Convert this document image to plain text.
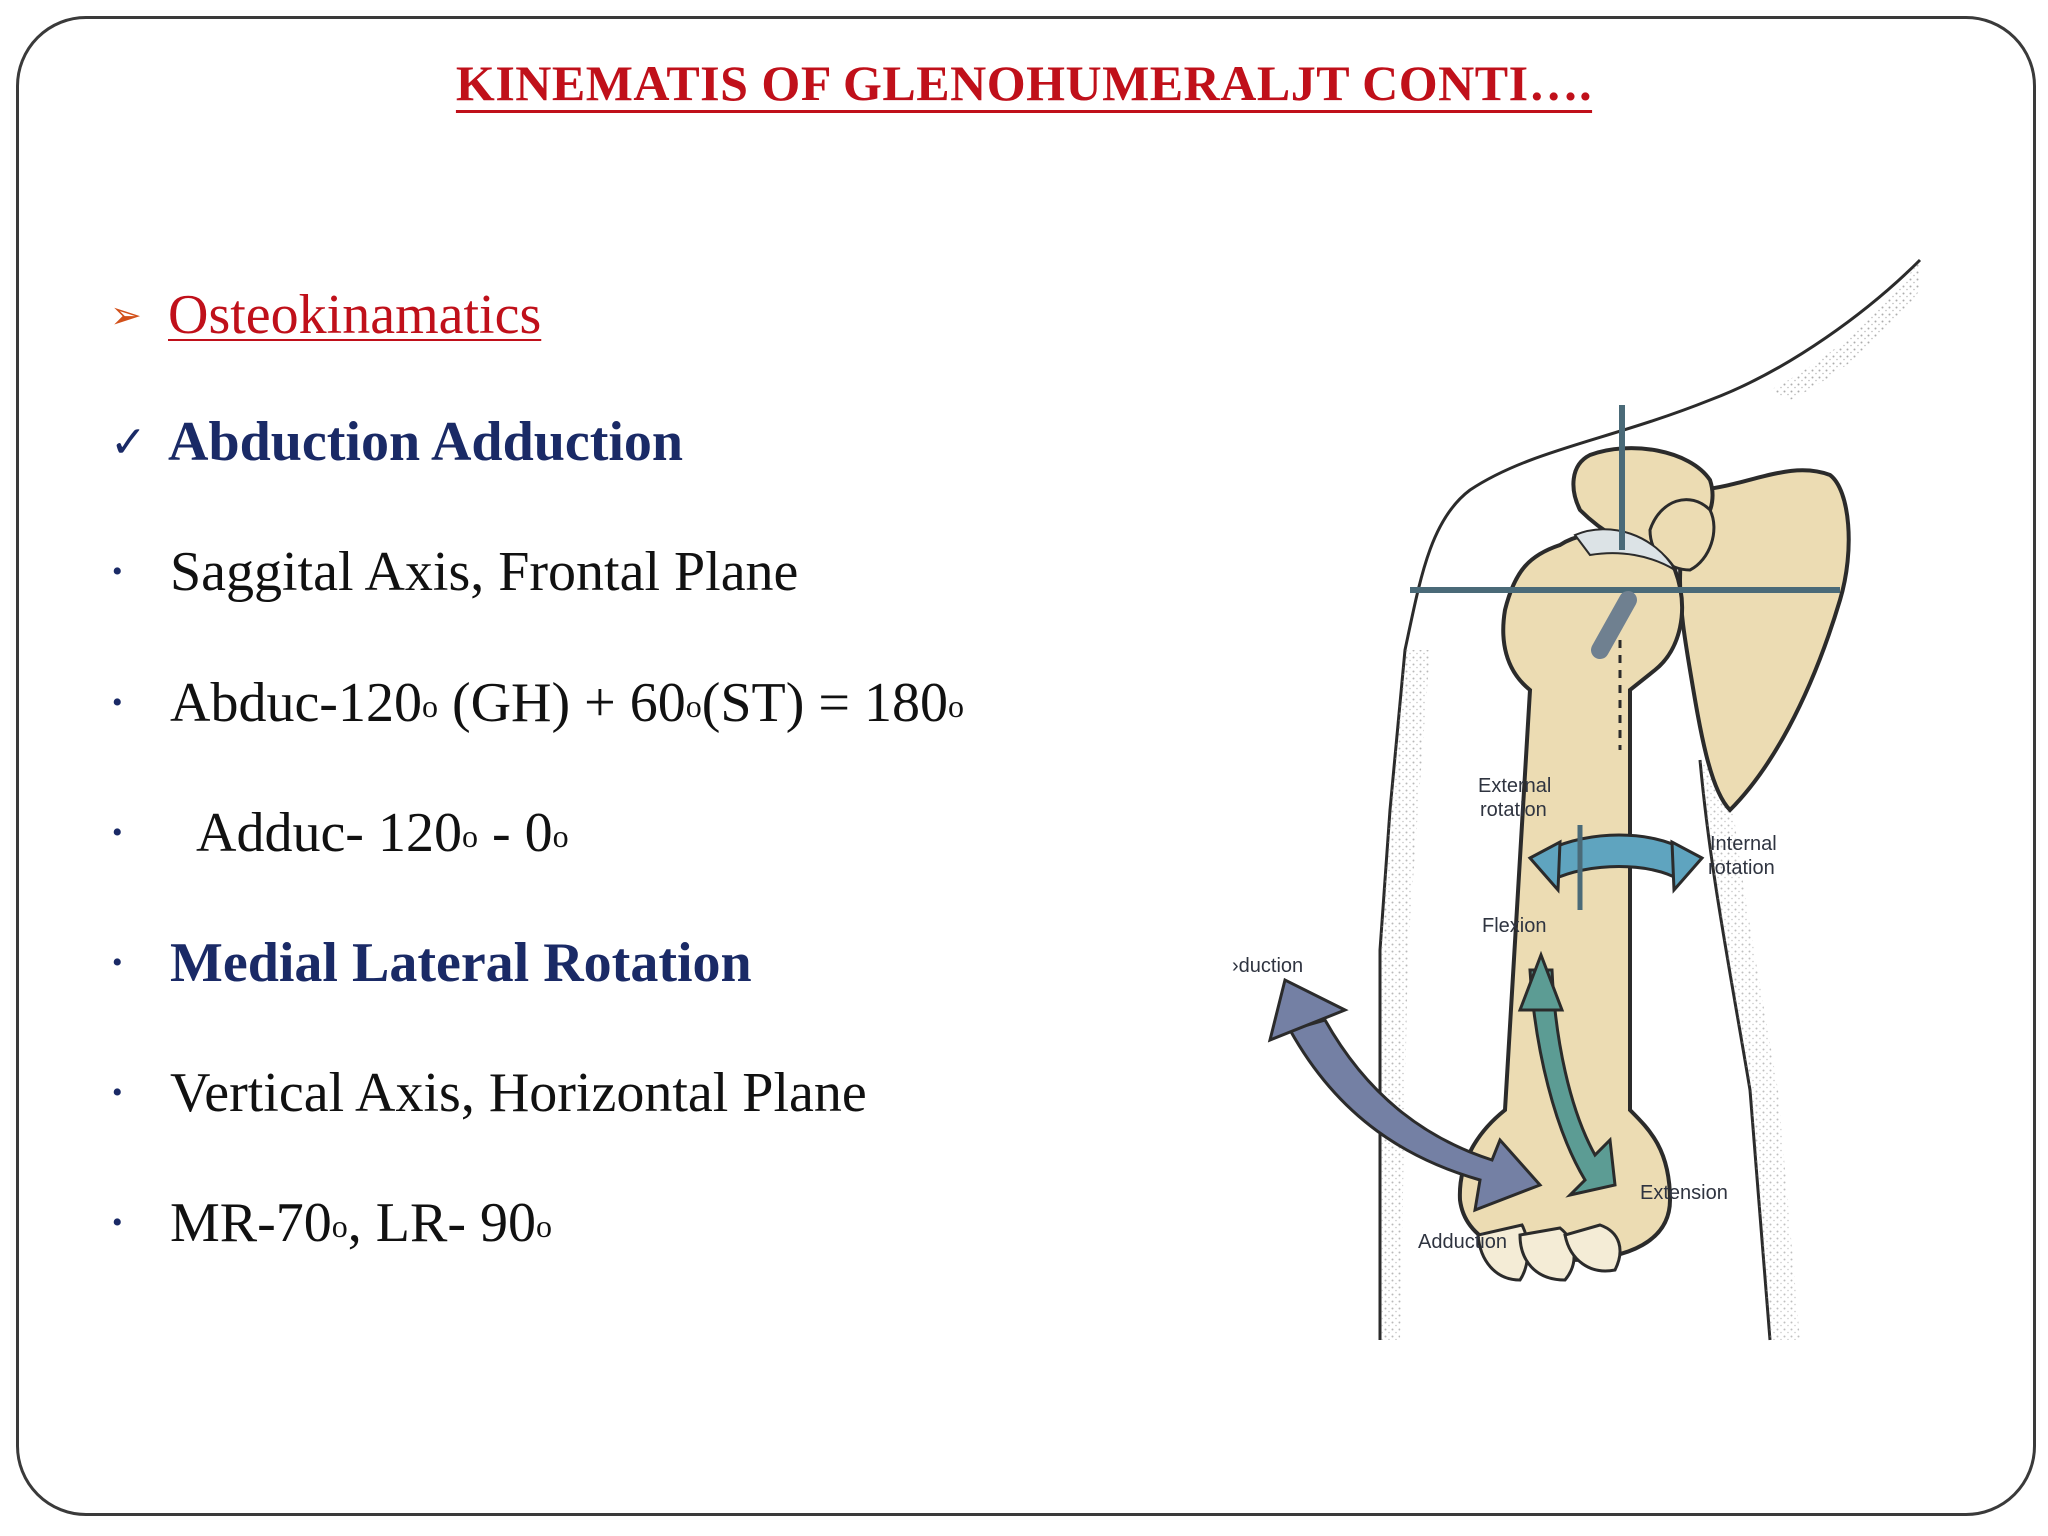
KINEMATIS OF GLENOHUMERALJT CONTI….
➢ Osteokinamatics
✓ Abduction Adduction
• Saggital Axis, Frontal Plane
• Abduc-120$^o$ $(GH) + 60^o(ST) = 180^o$
•	Adduc- 120$^o$ - 0$^o$
• Medial Lateral Rotation
• Vertical Axis, Horizontal Plane
• MR-70$^o$, LR- 90$^o$
External
rotation
Internal
rotation
Flexion
›duction
Extension
Adduction
